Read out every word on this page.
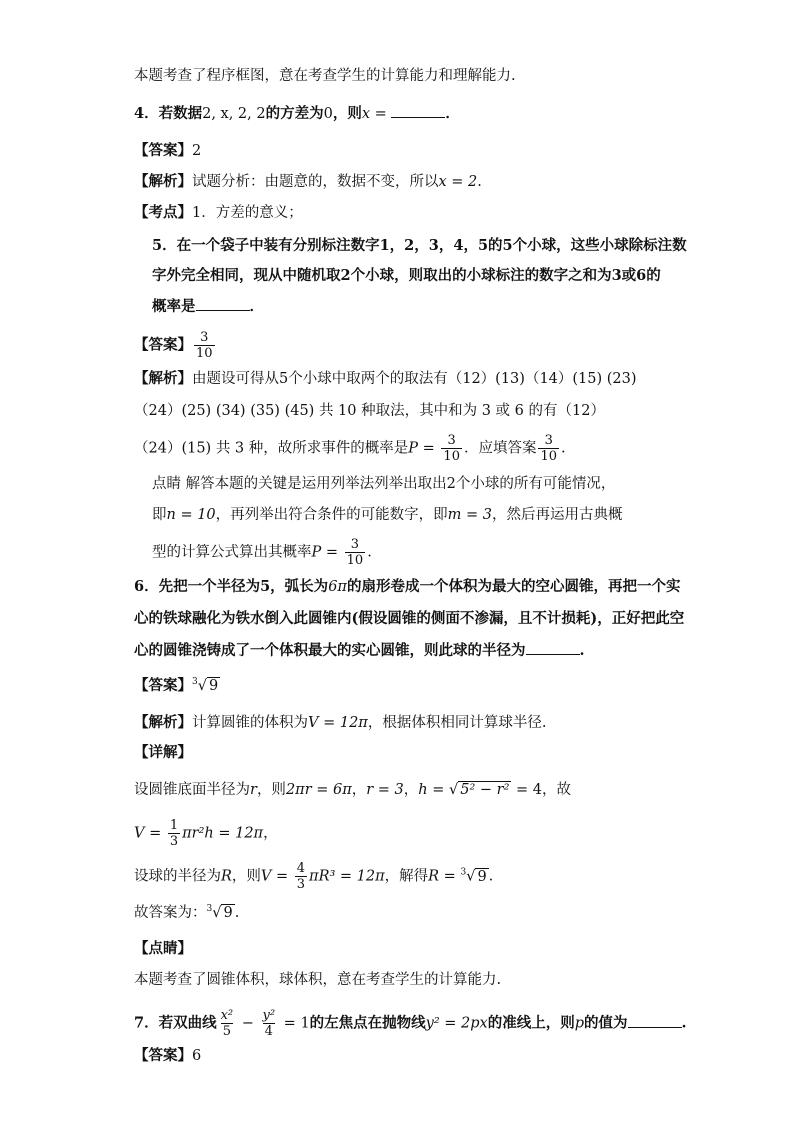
本题考查了程序框图，意在考查学生的计算能力和理解能力.
4．若数据2, x, 2, 2的方差为0，则x =	．
【答案】2
【解析】试题分析：由题意的，数据不变，所以x = 2.
【考点】1．方差的意义；
5．在一个袋子中装有分别标注数字1，2，3，4，5的5个小球，这些小球除标注数
字外完全相同，现从中随机取2个小球，则取出的小球标注的数字之和为3或6的
概率是	．
【答案】 $\frac{3}{10}$
【解析】由题设可得从5个小球中取两个的取法有（12）(13)（14）(15) (23)
（24）(25) (34) (35) (45) 共 10 种取法，其中和为 3 或 6 的有（12）
（24）(15) 共 3 种，故所求事件的概率是$P = \frac{3}{10}$ ．应填答案 $\frac{3}{10}$ .
点睛 解答本题的关键是运用列举法列举出取出2个小球的所有可能情况，
即n = 10，再列举出符合条件的可能数字，即m = 3，然后再运用古典概
型的计算公式算出其概率$P = \frac{3}{10}$ .
6．先把一个半径为5，弧长为6π的扇形卷成一个体积为最大的空心圆锥，再把一个实
心的铁球融化为铁水倒入此圆锥内(假设圆锥的侧面不渗漏，且不计损耗)，正好把此空
心的圆锥浇铸成了一个体积最大的实心圆锥，则此球的半径为	.
【答案】$^3$√ 9
【解析】计算圆锥的体积为V = 12π，根据体积相同计算球半径.
【详解】
设圆锥底面半径为r，则2πr = 6π，r = 3，h = √ 5² − r² = 4，故
$V = \frac{1}{3} \pi r^2h = 12\pi$，
设球的半径为R，则$V = \frac{4}{3} \pi R^3 = 12\pi$，解得R = $^3$√ 9 .
故答案为：$^3$√ 9 .
【点睛】
本题考查了圆锥体积，球体积，意在考查学生的计算能力.
7．若双曲线 $\frac{\text{x²}}{5} - \frac{\text{y²}}{4} = 1$的左焦点在抛物线y² = 2px的准线上，则p的值为	.
【答案】6
